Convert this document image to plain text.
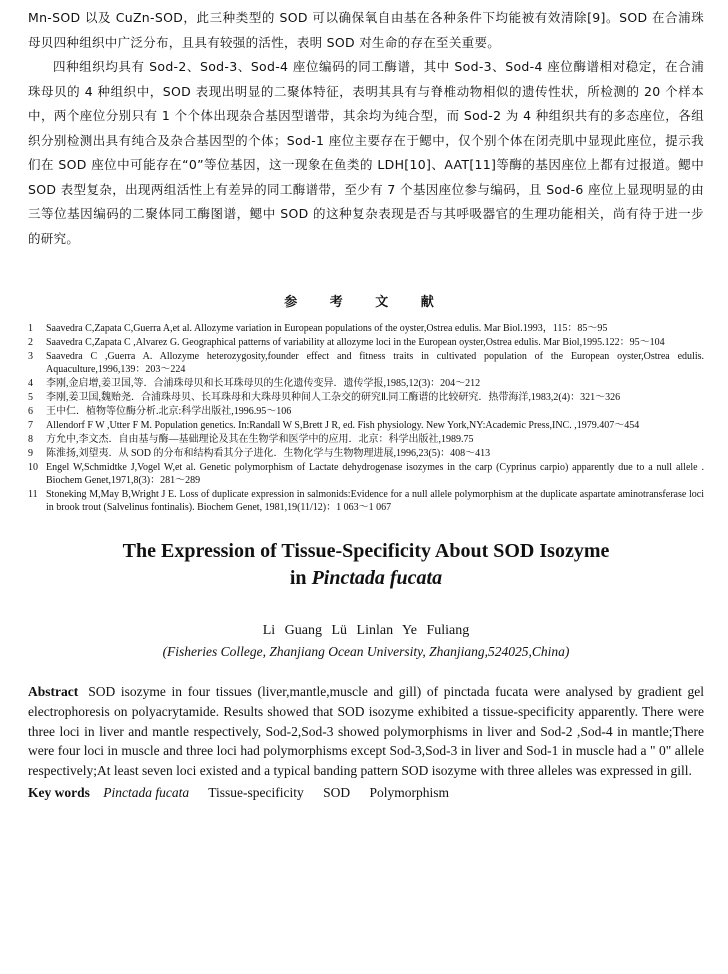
Mn-SOD 以及 CuZn-SOD，此三种类型的 SOD 可以确保氧自由基在各种条件下均能被有效清除[9]。SOD 在合浦珠母贝四种组织中广泛分布，且具有较强的活性，表明 SOD 对生命的存在至关重要。

四种组织均具有 Sod-2、Sod-3、Sod-4 座位编码的同工酶谱，其中 Sod-3、Sod-4 座位酶谱相对稳定，在合浦珠母贝的 4 种组织中，SOD 表现出明显的二聚体特征，表明其具有与脊椎动物相似的遗传性状，所检测的 20 个样本中，两个座位分别只有 1 个个体出现杂合基因型谱带，其余均为纯合型，而 Sod-2 为 4 种组织共有的多态座位，各组织分别检测出具有纯合及杂合基因型的个体；Sod-1 座位主要存在于鳃中，仅个别个体在闭壳肌中显现此座位，提示我们在 SOD 座位中可能存在“0”等位基因，这一现象在鱼类的 LDH[10]、AAT[11]等酶的基因座位上都有过报道。鳃中 SOD 表型复杂，出现两组活性上有差异的同工酶谱带，至少有 7 个基因座位参与编码，且 Sod-6 座位上显现明显的由三等位基因编码的二聚体同工酶图谱，鳃中 SOD 的这种复杂表现是否与其呼吸器官的生理功能相关，尚有待于进一步的研究。

参 考 文 献
1	Saavedra C,Zapata C,Guerra A,et al. Allozyme variation in European populations of the oyster,Ostrea edulis. Mar Biol.1993，115：85～95
2	Saavedra C,Zapata C ,Alvarez G. Geographical patterns of variability at allozyme loci in the European oyster,Ostrea edulis. Mar Biol,1995.122：95～104
3	Saavedra C ,Guerra A. Allozyme heterozygosity,founder effect and fitness traits in cultivated population of the European oyster,Ostrea edulis. Aquaculture,1996,139：203～224
4	李刚,金启增,姜卫国,等．合浦珠母贝和长耳珠母贝的生化遗传变异．遗传学报,1985,12(3)：204～212
5	李刚,姜卫国,魏贻尧．合浦珠母贝、长耳珠母和大珠母贝种间人工杂交的研究Ⅱ.同工酶谱的比较研究．热带海洋,1983,2(4)：321～326
6	王中仁．植物等位酶分析.北京:科学出版社,1996.95～106
7	Allendorf F W ,Utter F M. Population genetics. In:Randall W S,Brett J R, ed. Fish physiology. New York,NY:Academic Press,INC. ,1979.407～454
8	方允中,李文杰．自由基与酶—基础理论及其在生物学和医学中的应用．北京：科学出版社,1989.75
9	陈淮扬,刘望夷．从 SOD 的分布和结构看其分子进化．生物化学与生物物理进展,1996,23(5)：408～413
10 Engel W,Schmidtke J,Vogel W,et al. Genetic polymorphism of Lactate dehydrogenase isozymes in the carp (Cyprinus carpio) apparently due to a null allele . Biochem Genet,1971,8(3)：281～289
11 Stoneking M,May B,Wright J E. Loss of duplicate expression in salmonids:Evidence for a null allele polymorphism at the duplicate aspartate aminotransferase loci in brook trout (Salvelinus fontinalis). Biochem Genet, 1981,19(11/12)：1 063～1 067
The Expression of Tissue-Specificity About SOD Isozyme
in Pinctada fucata
Li Guang Lü Linlan Ye Fuliang
(Fisheries College, Zhanjiang Ocean University, Zhanjiang,524025,China)
Abstract SOD isozyme in four tissues (liver,mantle,muscle and gill) of pinctada fucata were analysed by gradient gel electrophoresis on polyacrytamide. Results showed that SOD isozyme exhibited a tissue-specificity apparently. There were three loci in liver and mantle respectively, Sod-2,Sod-3 showed polymorphisms in liver and Sod-2 ,Sod-4 in mantle;There were four loci in muscle and three loci had polymorphisms except Sod-3,Sod-3 in liver and Sod-1 in muscle had a " 0" allele respectively;At least seven loci existed and a typical banding pattern SOD isozyme with three alleles was expressed in gill.
Key words Pinctada fucata Tissue-specificity SOD Polymorphism
